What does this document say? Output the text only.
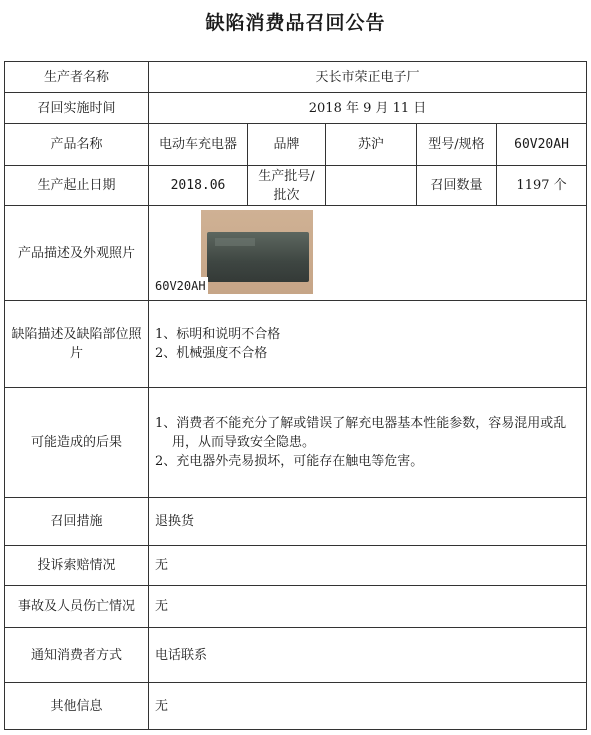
缺陷消费品召回公告
生产者名称	天长市荣正电子厂				
召回实施时间	2018 年 9 月 11 日				
产品名称	电动车充电器	品牌	苏沪	型号/规格	60V20AH
生产起止日期	2018.06	生产批号/批次		召回数量	1197 个
产品描述及外观照片	60V20AH				

缺陷描述及缺陷部位照片	1、标明和说明不合格

2、机械强度不合格				

可能造成的后果	1、消费者不能充分了解或错误了解充电器基本性能参数，容易混用或乱用，从而导致安全隐患。

2、充电器外壳易损坏，可能存在触电等危害。				

召回措施	退换货				
投诉索赔情况	无				
事故及人员伤亡情况	无				
通知消费者方式	电话联系				
其他信息	无				
